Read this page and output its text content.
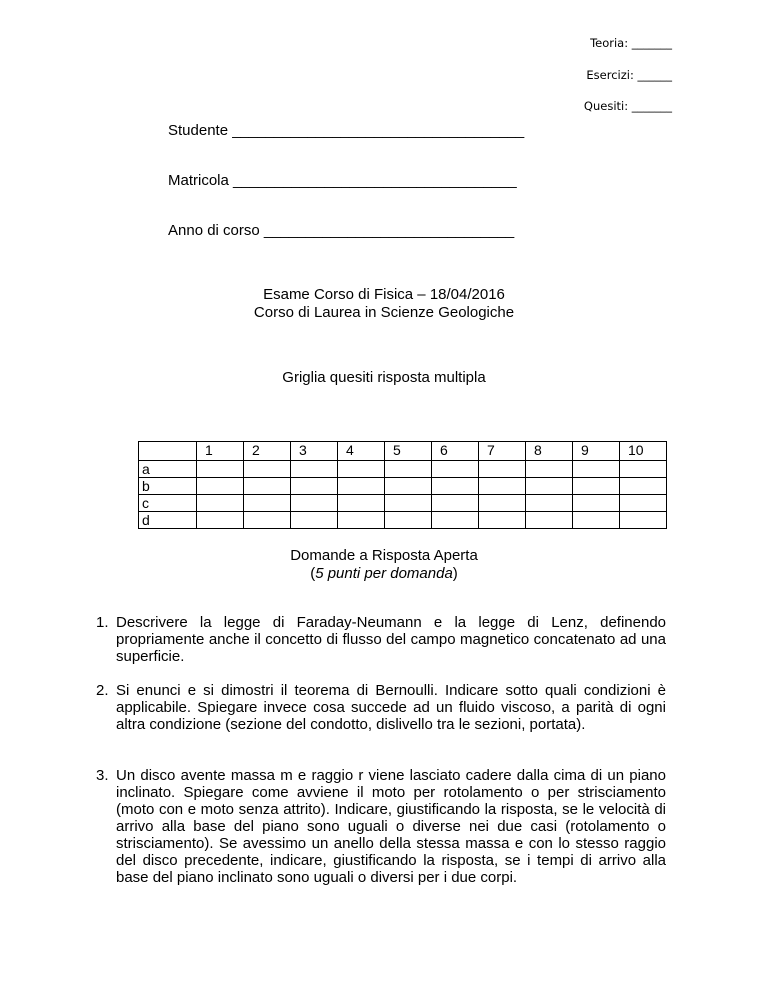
Teoria: _______
Esercizi: ______
Quesiti: _______
Studente ___________________________________
Matricola __________________________________
Anno di corso ______________________________
Esame Corso di Fisica – 18/04/2016
Corso di Laurea in Scienze Geologiche
Griglia quesiti risposta multipla
	1	2	3	4	5	6	7	8	9	10
a										
b										
c										
d										
Domande a Risposta Aperta
(5 punti per domanda)
1. Descrivere la legge di Faraday-Neumann e la legge di Lenz, definendo propriamente anche il concetto di flusso del campo magnetico concatenato ad una superficie.
2. Si enunci e si dimostri il teorema di Bernoulli. Indicare sotto quali condizioni è applicabile. Spiegare invece cosa succede ad un fluido viscoso, a parità di ogni altra condizione (sezione del condotto, dislivello tra le sezioni, portata).
3. Un disco avente massa m e raggio r viene lasciato cadere dalla cima di un piano inclinato. Spiegare come avviene il moto per rotolamento o per strisciamento (moto con e moto senza attrito). Indicare, giustificando la risposta, se le velocità di arrivo alla base del piano sono uguali o diverse nei due casi (rotolamento o strisciamento). Se avessimo un anello della stessa massa e con lo stesso raggio del disco precedente, indicare, giustificando la risposta, se i tempi di arrivo alla base del piano inclinato sono uguali o diversi per i due corpi.
